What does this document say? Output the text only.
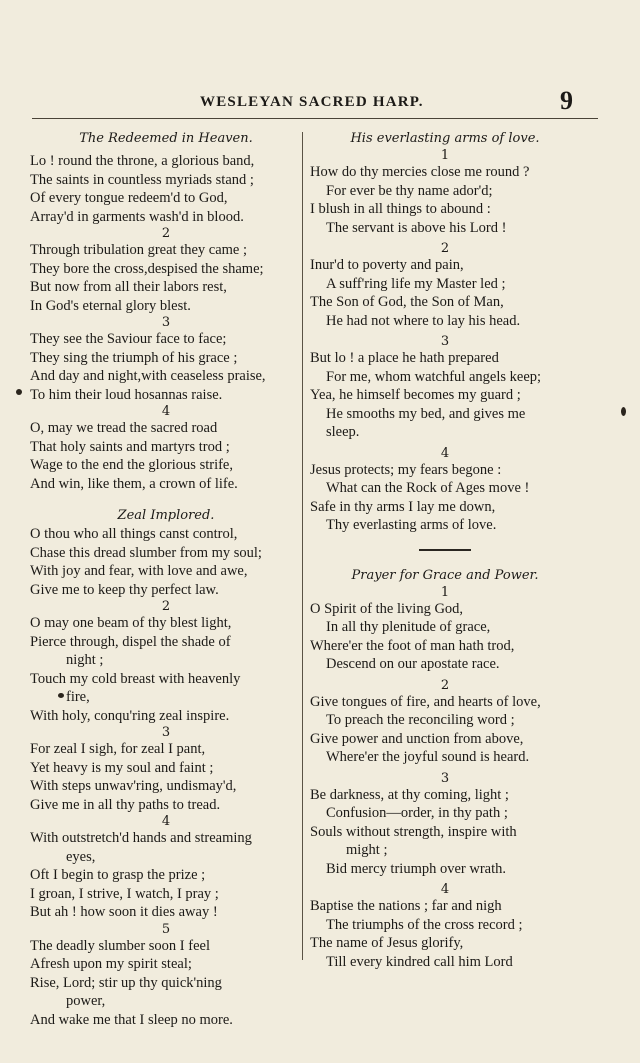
WESLEYAN SACRED HARP.	9
The Redeemed in Heaven.
Lo ! round the throne, a glorious band,
The saints in countless myriads stand ;
Of every tongue redeem'd to God,
Array'd in garments wash'd in blood.
2
Through tribulation great they came ;
They bore the cross,despised the shame;
But now from all their labors rest,
In God's eternal glory blest.
3
They see the Saviour face to face;
They sing the triumph of his grace ;
And day and night,with ceaseless praise,
To him their loud hosannas raise.
4
O, may we tread the sacred road
That holy saints and martyrs trod ;
Wage to the end the glorious strife,
And win, like them, a crown of life.
Zeal Implored.
O thou who all things canst control,
Chase this dread slumber from my soul;
With joy and fear, with love and awe,
Give me to keep thy perfect law.
2
O may one beam of thy blest light,
Pierce through, dispel the shade of
night ;
Touch my cold breast with heavenly
fire,
With holy, conqu'ring zeal inspire.
3
For zeal I sigh, for zeal I pant,
Yet heavy is my soul and faint ;
With steps unwav'ring, undismay'd,
Give me in all thy paths to tread.
4
With outstretch'd hands and streaming
eyes,
Oft I begin to grasp the prize ;
I groan, I strive, I watch, I pray ;
But ah ! how soon it dies away !
5
The deadly slumber soon I feel
Afresh upon my spirit steal;
Rise, Lord; stir up thy quick'ning
power,
And wake me that I sleep no more.
His everlasting arms of love.
1
How do thy mercies close me round ?
For ever be thy name ador'd;
I blush in all things to abound :
The servant is above his Lord !
2
Inur'd to poverty and pain,
A suff'ring life my Master led ;
The Son of God, the Son of Man,
He had not where to lay his head.
3
But lo ! a place he hath prepared
For me, whom watchful angels keep;
Yea, he himself becomes my guard ;
He smooths my bed, and gives me
sleep.
4
Jesus protects; my fears begone :
What can the Rock of Ages move !
Safe in thy arms I lay me down,
Thy everlasting arms of love.
Prayer for Grace and Power.
1
O Spirit of the living God,
In all thy plenitude of grace,
Where'er the foot of man hath trod,
Descend on our apostate race.
2
Give tongues of fire, and hearts of love,
To preach the reconciling word ;
Give power and unction from above,
Where'er the joyful sound is heard.
3
Be darkness, at thy coming, light ;
Confusion—order, in thy path ;
Souls without strength, inspire with
might ;
Bid mercy triumph over wrath.
4
Baptise the nations ; far and nigh
The triumphs of the cross record ;
The name of Jesus glorify,
Till every kindred call him Lord
